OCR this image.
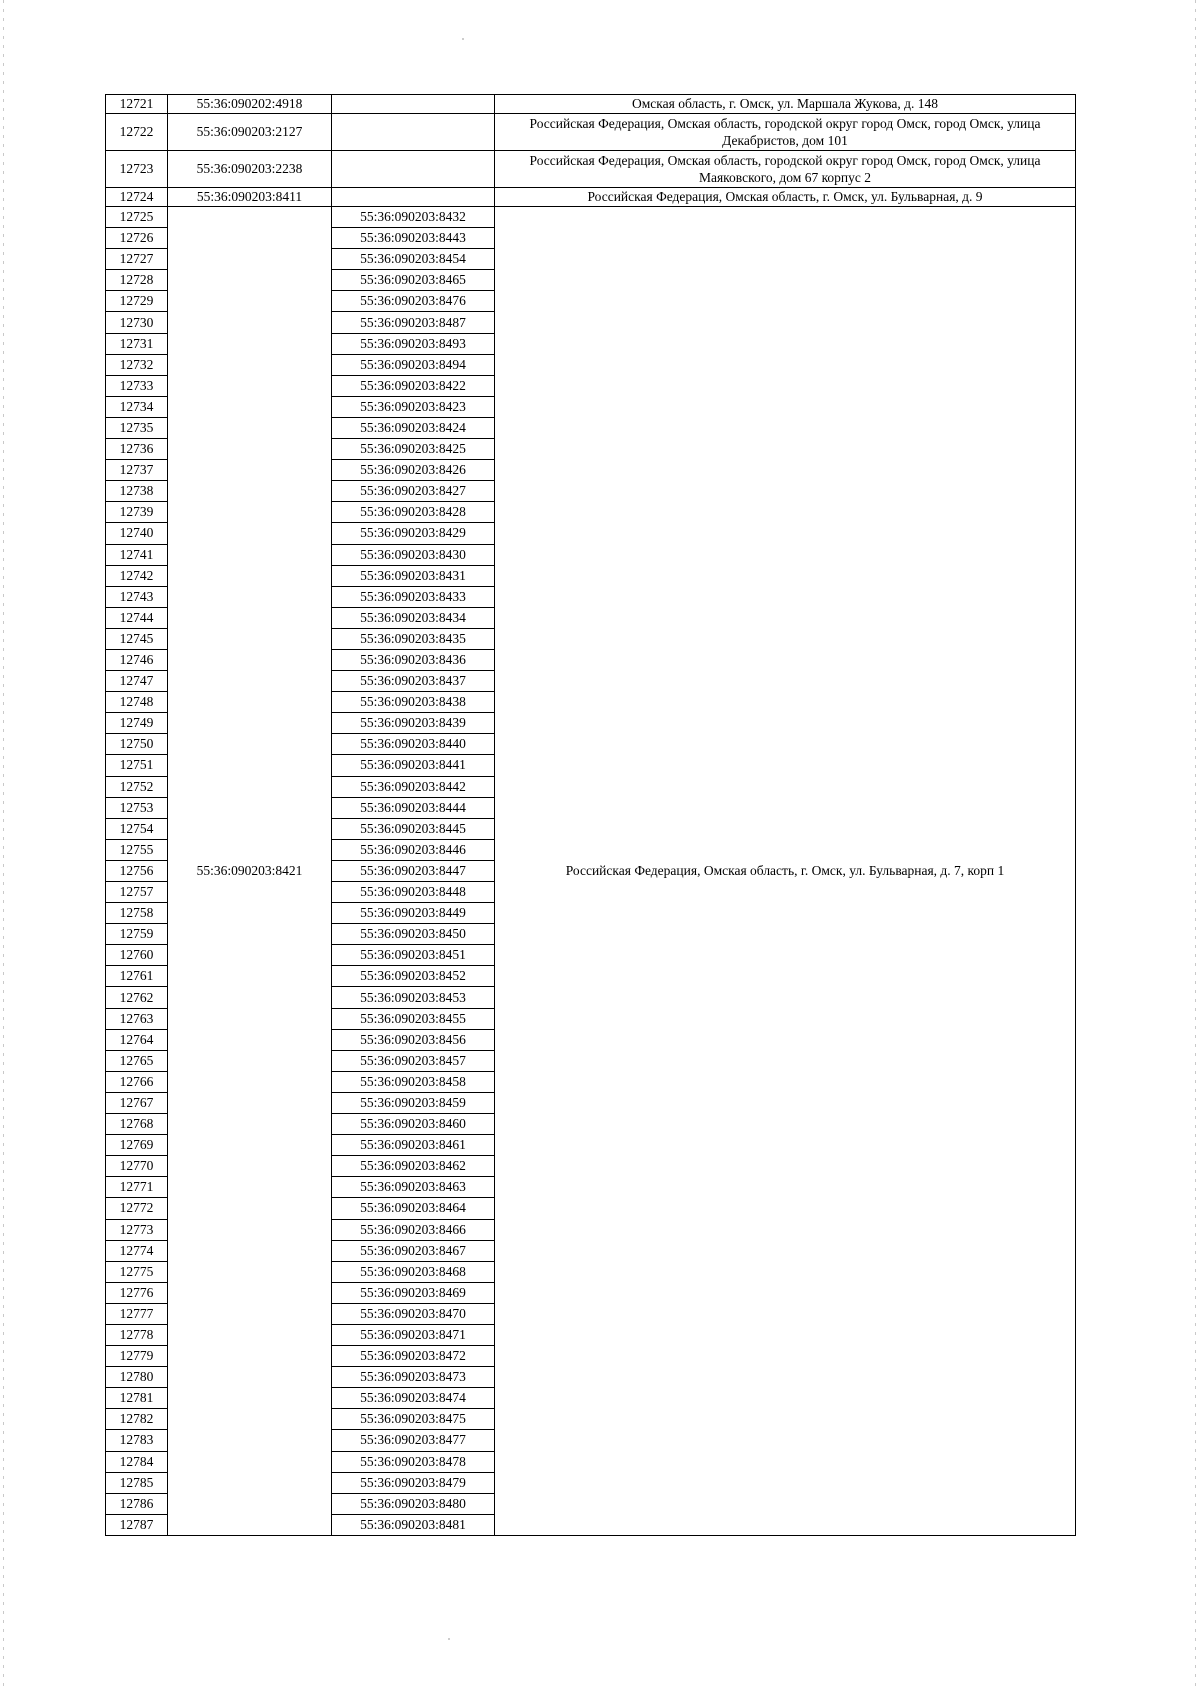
12721	55:36:090202:4918		Омская область, г. Омск, ул. Маршала Жукова, д. 148
12722	55:36:090203:2127		Российская Федерация, Омская область, городской округ город Омск, город Омск, улица Декабристов, дом 101
12723	55:36:090203:2238		Российская Федерация, Омская область, городской округ город Омск, город Омск, улица Маяковского, дом 67 корпус 2
12724	55:36:090203:8411		Российская Федерация, Омская область, г. Омск, ул. Бульварная, д. 9
12725	55:36:090203:8421	55:36:090203:8432	Российская Федерация, Омская область, г. Омск, ул. Бульварная, д. 7, корп 1
12726		55:36:090203:8443	
12727		55:36:090203:8454	
12728		55:36:090203:8465	
12729		55:36:090203:8476	
12730		55:36:090203:8487	
12731		55:36:090203:8493	
12732		55:36:090203:8494	
12733		55:36:090203:8422	
12734		55:36:090203:8423	
12735		55:36:090203:8424	
12736		55:36:090203:8425	
12737		55:36:090203:8426	
12738		55:36:090203:8427	
12739		55:36:090203:8428	
12740		55:36:090203:8429	
12741		55:36:090203:8430	
12742		55:36:090203:8431	
12743		55:36:090203:8433	
12744		55:36:090203:8434	
12745		55:36:090203:8435	
12746		55:36:090203:8436	
12747		55:36:090203:8437	
12748		55:36:090203:8438	
12749		55:36:090203:8439	
12750		55:36:090203:8440	
12751		55:36:090203:8441	
12752		55:36:090203:8442	
12753		55:36:090203:8444	
12754		55:36:090203:8445	
12755		55:36:090203:8446	
12756		55:36:090203:8447	
12757		55:36:090203:8448	
12758		55:36:090203:8449	
12759		55:36:090203:8450	
12760		55:36:090203:8451	
12761		55:36:090203:8452	
12762		55:36:090203:8453	
12763		55:36:090203:8455	
12764		55:36:090203:8456	
12765		55:36:090203:8457	
12766		55:36:090203:8458	
12767		55:36:090203:8459	
12768		55:36:090203:8460	
12769		55:36:090203:8461	
12770		55:36:090203:8462	
12771		55:36:090203:8463	
12772		55:36:090203:8464	
12773		55:36:090203:8466	
12774		55:36:090203:8467	
12775		55:36:090203:8468	
12776		55:36:090203:8469	
12777		55:36:090203:8470	
12778		55:36:090203:8471	
12779		55:36:090203:8472	
12780		55:36:090203:8473	
12781		55:36:090203:8474	
12782		55:36:090203:8475	
12783		55:36:090203:8477	
12784		55:36:090203:8478	
12785		55:36:090203:8479	
12786		55:36:090203:8480	
12787		55:36:090203:8481	
